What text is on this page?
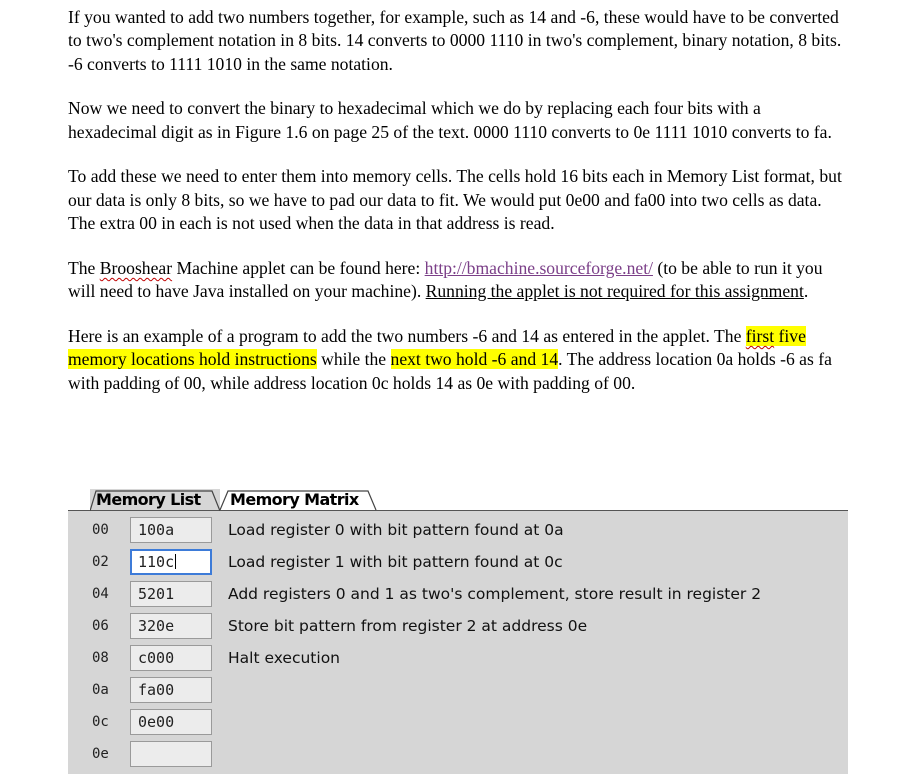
If you wanted to add two numbers together, for example, such as 14 and -6, these would have to be converted to two's complement notation in 8 bits. 14 converts to 0000 1110 in two's complement, binary notation, 8 bits. -6 converts to 1111 1010 in the same notation.

Now we need to convert the binary to hexadecimal which we do by replacing each four bits with a hexadecimal digit as in Figure 1.6 on page 25 of the text. 0000 1110 converts to 0e 1111 1010 converts to fa.

To add these we need to enter them into memory cells. The cells hold 16 bits each in Memory List format, but our data is only 8 bits, so we have to pad our data to fit. We would put 0e00 and fa00 into two cells as data. The extra 00 in each is not used when the data in that address is read.

The Brooshear Machine applet can be found here: http://bmachine.sourceforge.net/ (to be able to run it you will need to have Java installed on your machine). Running the applet is not required for this assignment.

Here is an example of a program to add the two numbers -6 and 14 as entered in the applet. The first five memory locations hold instructions while the next two hold -6 and 14. The address location 0a holds -6 as fa with padding of 00, while address location 0c holds 14 as 0e with padding of 00.

Memory List	Memory Matrix
00	100a	Load register 0 with bit pattern found at 0a
02	110c	Load register 1 with bit pattern found at 0c
04	5201	Add registers 0 and 1 as two's complement, store result in register 2
06	320e	Store bit pattern from register 2 at address 0e
08	c000	Halt execution
0a	fa00
0c	0e00
0e
